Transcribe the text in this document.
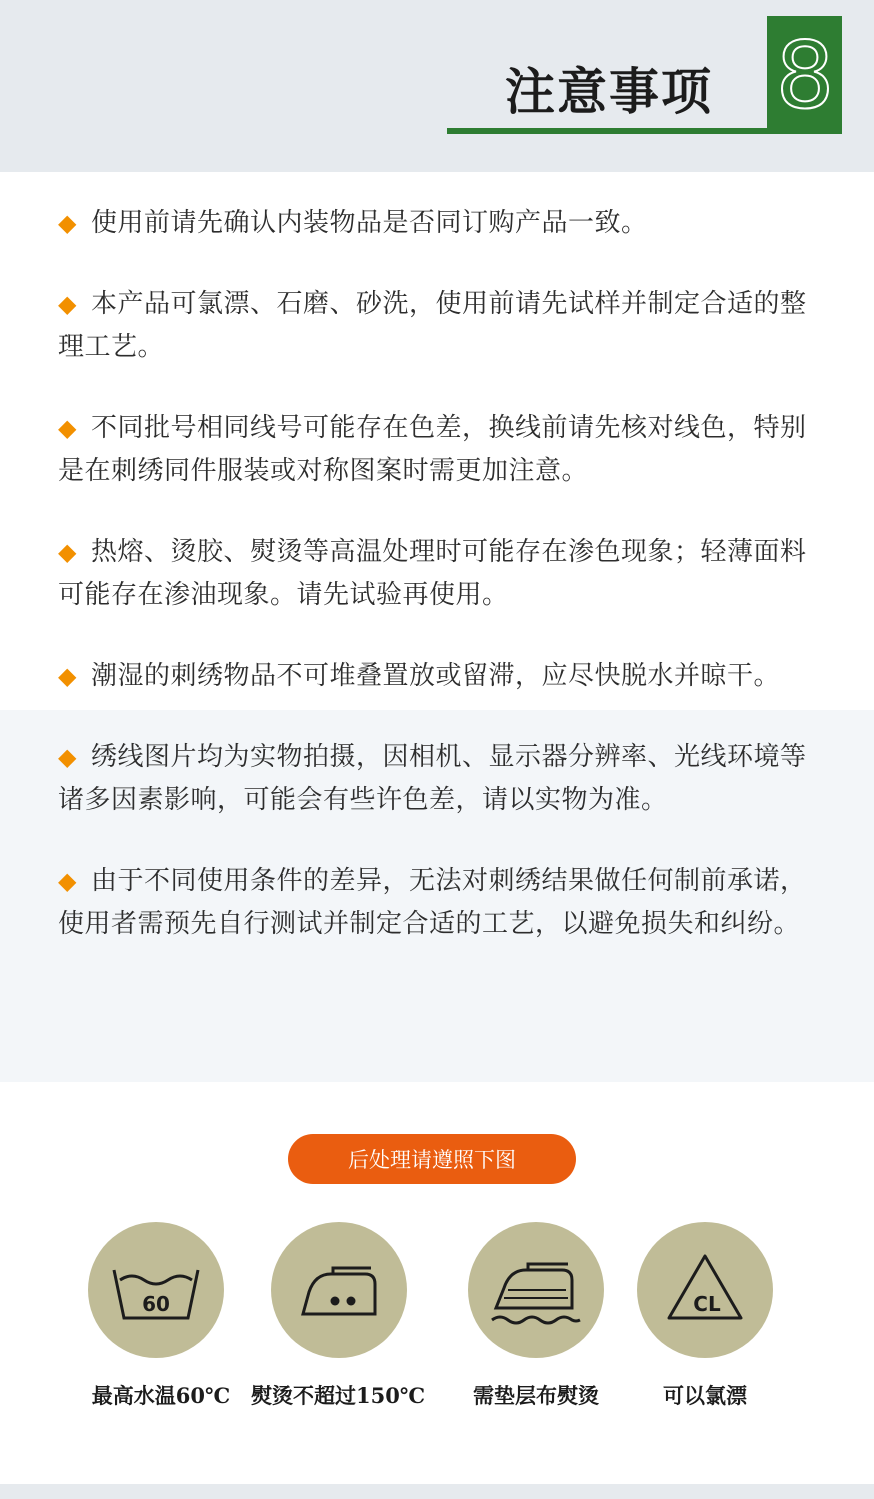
注意事项 8
◆ 使用前请先确认内装物品是否同订购产品一致。
◆ 本产品可氯漂、石磨、砂洗，使用前请先试样并制定合适的整理工艺。
◆ 不同批号相同线号可能存在色差，换线前请先核对线色，特别是在刺绣同件服装或对称图案时需更加注意。
◆ 热熔、烫胶、熨烫等高温处理时可能存在渗色现象；轻薄面料可能存在渗油现象。请先试验再使用。
◆ 潮湿的刺绣物品不可堆叠置放或留滞，应尽快脱水并晾干。
◆ 绣线图片均为实物拍摄，因相机、显示器分辨率、光线环境等诸多因素影响，可能会有些许色差，请以实物为准。
◆ 由于不同使用条件的差异，无法对刺绣结果做任何制前承诺，使用者需预先自行测试并制定合适的工艺，以避免损失和纠纷。
后处理请遵照下图
60	CL
最高水温60℃ 熨烫不超过150℃	需垫层布熨烫	可以氯漂
